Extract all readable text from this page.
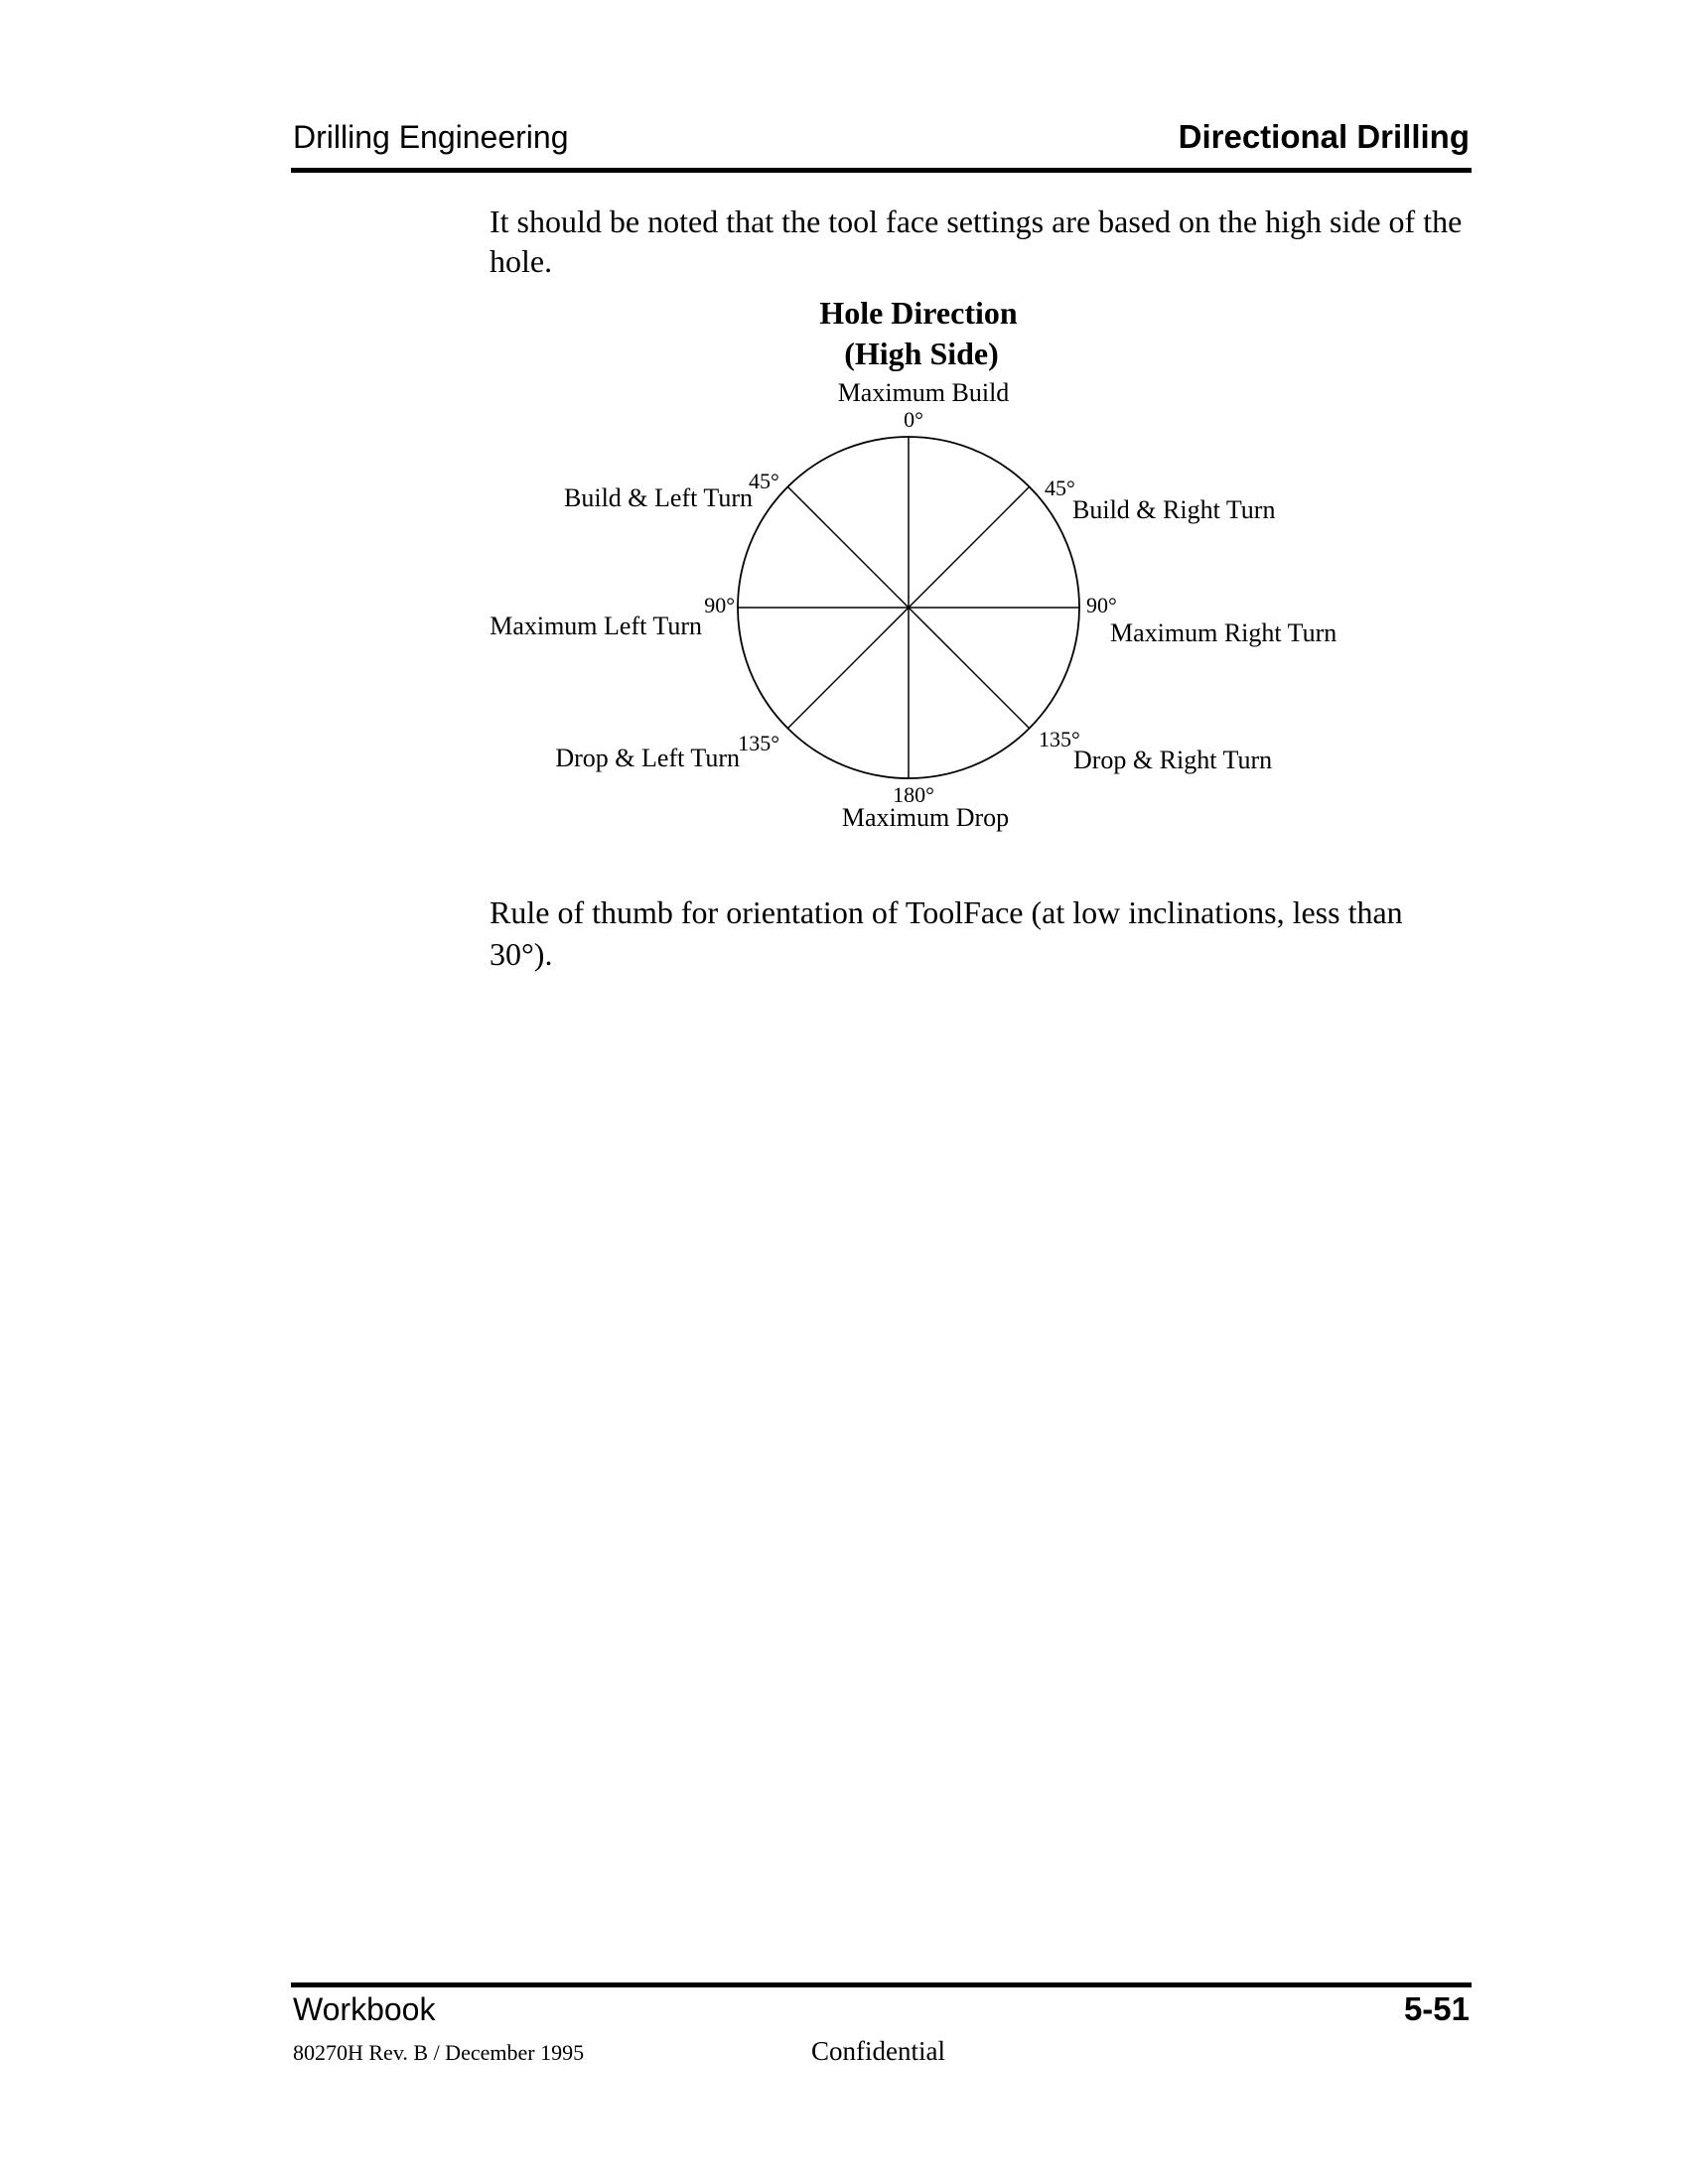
Drilling Engineering	Directional Drilling

It should be noted that the tool face settings are based on the high side of the hole.

Hole Direction
(High Side)
Maximum Build
0°
Build & Left Turn
45°	45°
Build & Right Turn
90°
Maximum Left Turn
90°
Maximum Right Turn
135°
Drop & Left Turn
135°
Drop & Right Turn
180°
Maximum Drop

Rule of thumb for orientation of ToolFace (at low inclinations, less than 30°).

Workbook	5-51
80270H Rev. B / December 1995	Confidential
